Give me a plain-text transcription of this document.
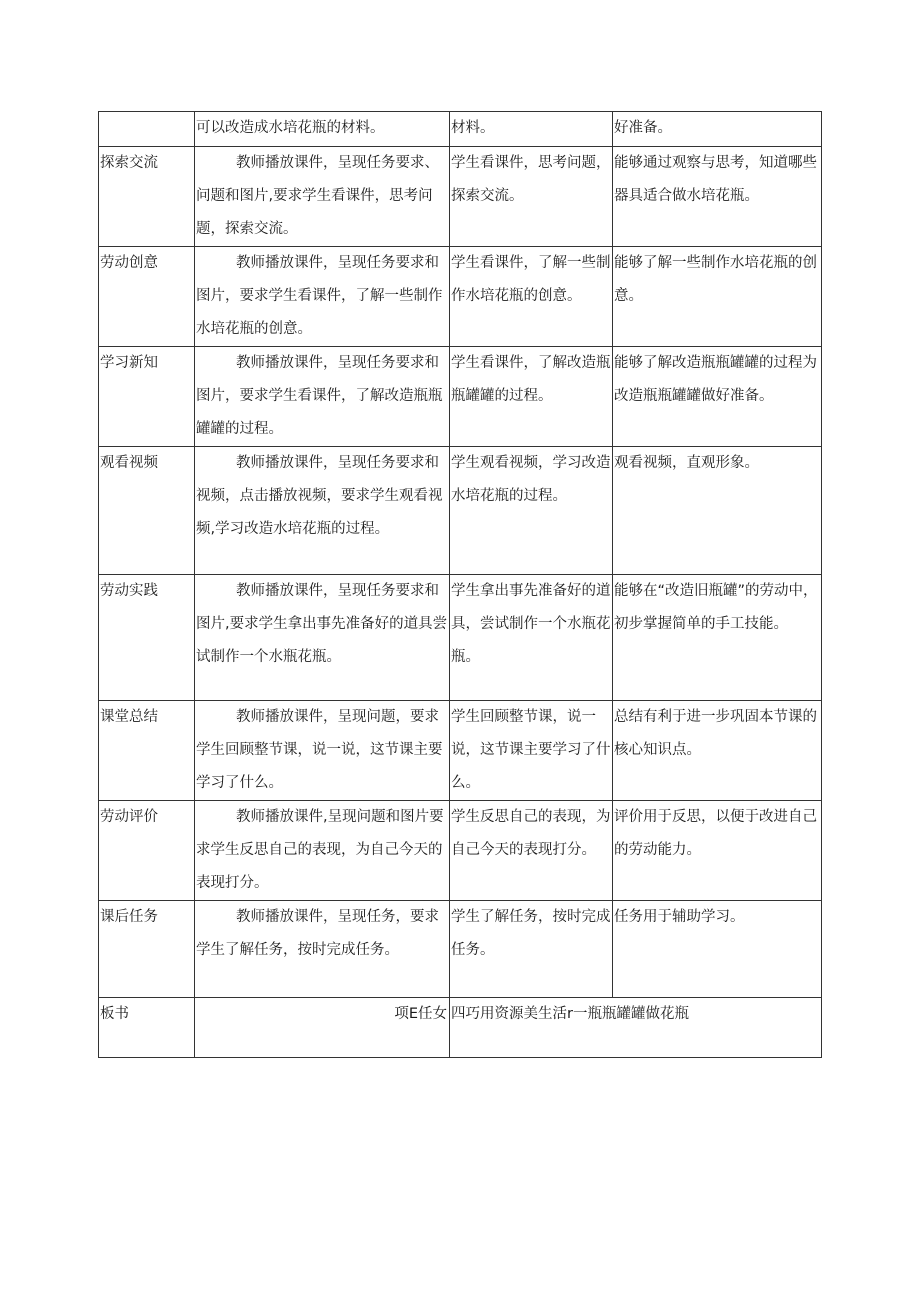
	可以改造成水培花瓶的材料。	材料。	好准备。
探索交流	教师播放课件，呈现任务要求、问题和图片,要求学生看课件，思考问题，探索交流。	学生看课件，思考问题，探索交流。	能够通过观察与思考，知道哪些器具适合做水培花瓶。
劳动创意	教师播放课件，呈现任务要求和图片，要求学生看课件，了解一些制作水培花瓶的创意。	学生看课件，了解一些制作水培花瓶的创意。	能够了解一些制作水培花瓶的创意。
学习新知	教师播放课件，呈现任务要求和图片，要求学生看课件，了解改造瓶瓶罐罐的过程。	学生看课件，了解改造瓶瓶罐罐的过程。	能够了解改造瓶瓶罐罐的过程为改造瓶瓶罐罐做好准备。
观看视频	教师播放课件，呈现任务要求和视频，点击播放视频，要求学生观看视频,学习改造水培花瓶的过程。	学生观看视频，学习改造水培花瓶的过程。	观看视频，直观形象。
劳动实践	教师播放课件，呈现任务要求和图片,要求学生拿出事先准备好的道具尝试制作一个水瓶花瓶。	学生拿出事先准备好的道具，尝试制作一个水瓶花瓶。	能够在“改造旧瓶罐”的劳动中，初步掌握简单的手工技能。
课堂总结	教师播放课件，呈现问题，要求学生回顾整节课，说一说，这节课主要学习了什么。	学生回顾整节课，说一说，这节课主要学习了什么。	总结有利于进一步巩固本节课的核心知识点。
劳动评价	教师播放课件,呈现问题和图片要求学生反思自己的表现，为自己今天的表现打分。	学生反思自己的表现，为自己今天的表现打分。	评价用于反思，以便于改进自己的劳动能力。
课后任务	教师播放课件，呈现任务，要求学生了解任务，按时完成任务。	学生了解任务，按时完成任务。	任务用于辅助学习。
板书	项E任女	四巧用资源美生活r一瓶瓶罐罐做花瓶	
